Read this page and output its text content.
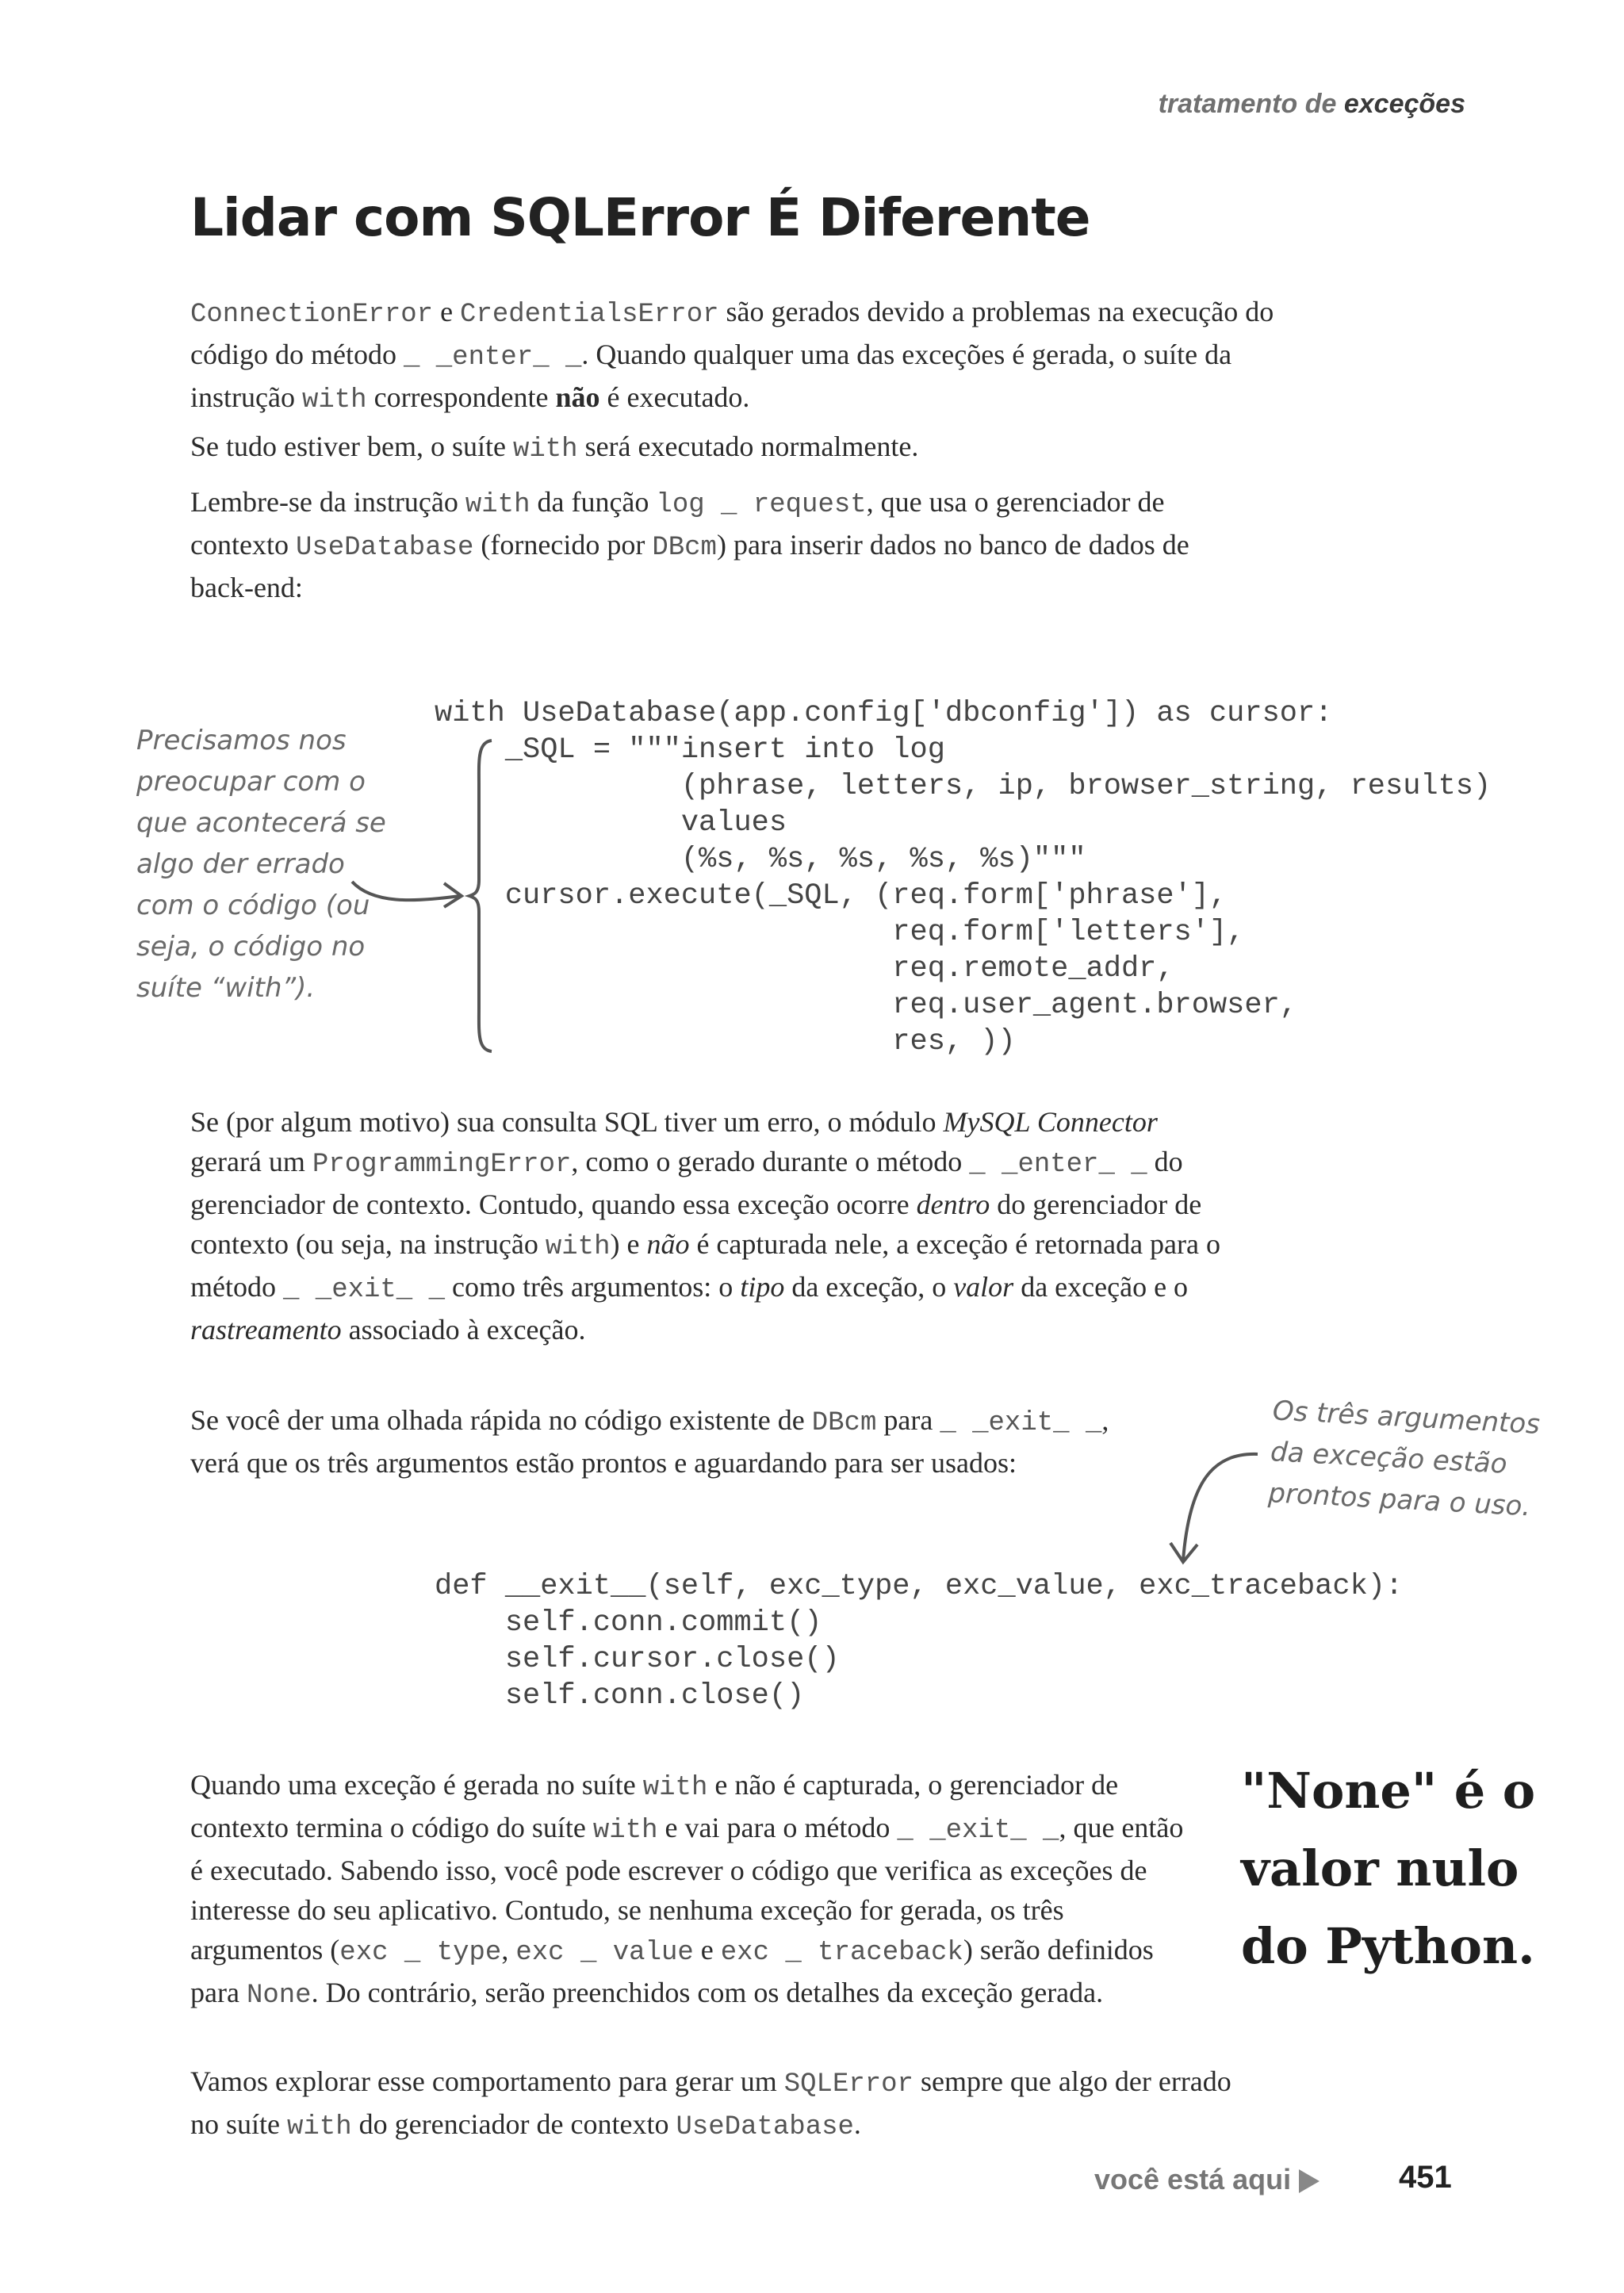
tratamento de exceções
Lidar com SQLError É Diferente

ConnectionError e CredentialsError são gerados devido a problemas na execução do código do método _ _enter_ _. Quando qualquer uma das exceções é gerada, o suíte da instrução with correspondente não é executado.

Se tudo estiver bem, o suíte with será executado normalmente.

Lembre-se da instrução with da função log _ request, que usa o gerenciador de contexto UseDatabase (fornecido por DBcm) para inserir dados no banco de dados de back-end:

with UseDatabase(app.config['dbconfig']) as cursor:
_SQL = """insert into log
(phrase, letters, ip, browser_string, results)
values
(%s, %s, %s, %s, %s)"""
cursor.execute(_SQL, (req.form['phrase'],
req.form['letters'],
req.remote_addr,
req.user_agent.browser,
res, ))
Precisamos nos
preocupar com o
que acontecerá se
algo der errado
com o código (ou
seja, o código no
suíte “with”).

Se (por algum motivo) sua consulta SQL tiver um erro, o módulo MySQL Connector gerará um ProgrammingError, como o gerado durante o método _ _enter_ _ do gerenciador de contexto. Contudo, quando essa exceção ocorre dentro do gerenciador de contexto (ou seja, na instrução with) e não é capturada nele, a exceção é retornada para o método _ _exit_ _ como três argumentos: o tipo da exceção, o valor da exceção e o rastreamento associado à exceção.

Se você der uma olhada rápida no código existente de DBcm para _ _exit_ _, verá que os três argumentos estão prontos e aguardando para ser usados:

Os três argumentos
da exceção estão
prontos para o uso.
def __exit__(self, exc_type, exc_value, exc_traceback):
self.conn.commit()
self.cursor.close()
self.conn.close()

Quando uma exceção é gerada no suíte with e não é capturada, o gerenciador de contexto termina o código do suíte with e vai para o método _ _exit_ _, que então é executado. Sabendo isso, você pode escrever o código que verifica as exceções de interesse do seu aplicativo. Contudo, se nenhuma exceção for gerada, os três argumentos (exc _ type, exc _ value e exc _ traceback) serão definidos para None. Do contrário, serão preenchidos com os detalhes da exceção gerada.

"None" é o
valor nulo
do Python.

Vamos explorar esse comportamento para gerar um SQLError sempre que algo der errado no suíte with do gerenciador de contexto UseDatabase.

você está aqui	451
